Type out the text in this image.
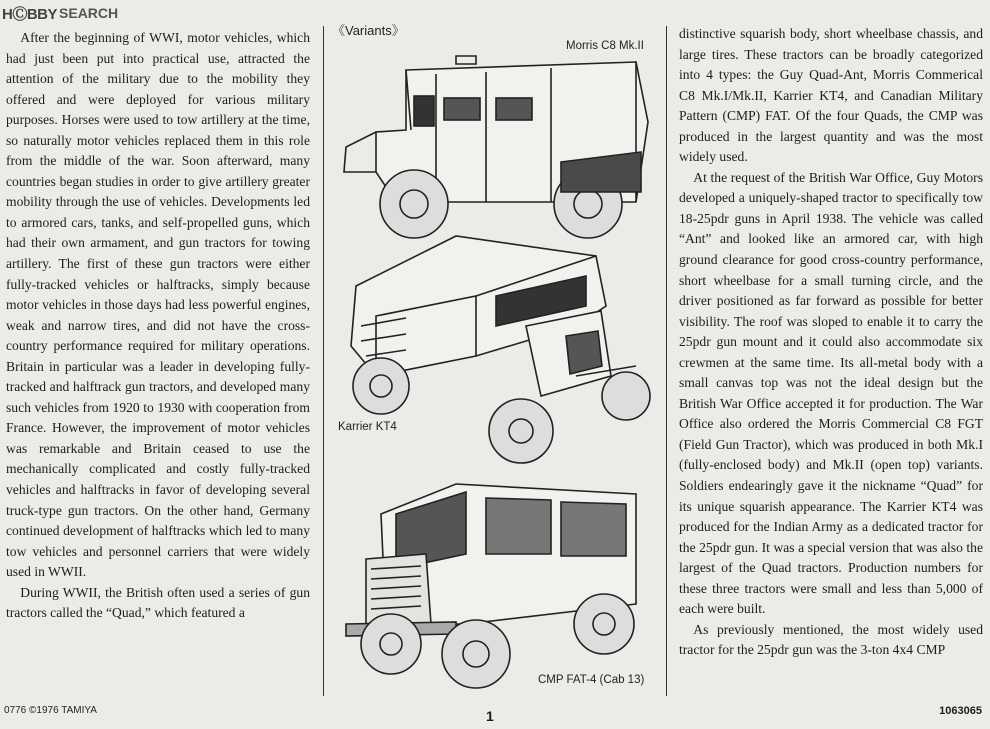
HⒸBBY SEARCH

After the beginning of WWI, motor vehicles, which had just been put into practical use, attracted the attention of the military due to the mobility they offered and were deployed for various military purposes. Horses were used to tow artillery at the time, so naturally motor vehicles replaced them in this role from the middle of the war. Soon afterward, many countries began studies in order to give artillery greater mobility through the use of vehicles. Developments led to armored cars, tanks, and self-propelled guns, which had their own armament, and gun tractors for towing artillery. The first of these gun tractors were either fully-tracked vehicles or halftracks, simply because motor vehicles in those days had less powerful engines, weak and narrow tires, and did not have the cross-country performance required for military operations. Britain in particular was a leader in developing fully-tracked and halftrack gun tractors, and developed many such vehicles from 1920 to 1930 with cooperation from France. However, the improvement of motor vehicles was remarkable and Britain ceased to use the mechanically complicated and costly fully-tracked vehicles and halftracks in favor of developing several truck-type gun tractors. On the other hand, Germany continued development of halftracks which led to many tow vehicles and personnel carriers that were widely used in WWII.

During WWII, the British often used a series of gun tractors called the “Quad,” which featured a

《Variants》
Morris C8 Mk.II
Karrier KT4
CMP FAT-4 (Cab 13)

distinctive squarish body, short wheelbase chassis, and large tires. These tractors can be broadly categorized into 4 types: the Guy Quad-Ant, Morris Commerical C8 Mk.I/Mk.II, Karrier KT4, and Canadian Military Pattern (CMP) FAT. Of the four Quads, the CMP was produced in the largest quantity and was the most widely used.

At the request of the British War Office, Guy Motors developed a uniquely-shaped tractor to specifically tow 18-25pdr guns in April 1938. The vehicle was called “Ant” and looked like an armored car, with high ground clearance for good cross-country performance, short wheelbase for a small turning circle, and the driver positioned as far forward as possible for better visibility. The roof was sloped to enable it to carry the 25pdr gun mount and it could also accommodate six crewmen at the same time. Its all-metal body with a small canvas top was not the ideal design but the British War Office accepted it for production. The War Office also ordered the Morris Commercial C8 FGT (Field Gun Tractor), which was produced in both Mk.I (fully-enclosed body) and Mk.II (open top) variants. Soldiers endearingly gave it the nickname “Quad” for its unique squarish appearance. The Karrier KT4 was produced for the Indian Army as a dedicated tractor for the 25pdr gun. It was a special version that was also the largest of the Quad tractors. Production numbers for these three tractors were small and less than 5,000 of each were built.

As previously mentioned, the most widely used tractor for the 25pdr gun was the 3-ton 4x4 CMP

0776 ©1976 TAMIYA	1	1063065
